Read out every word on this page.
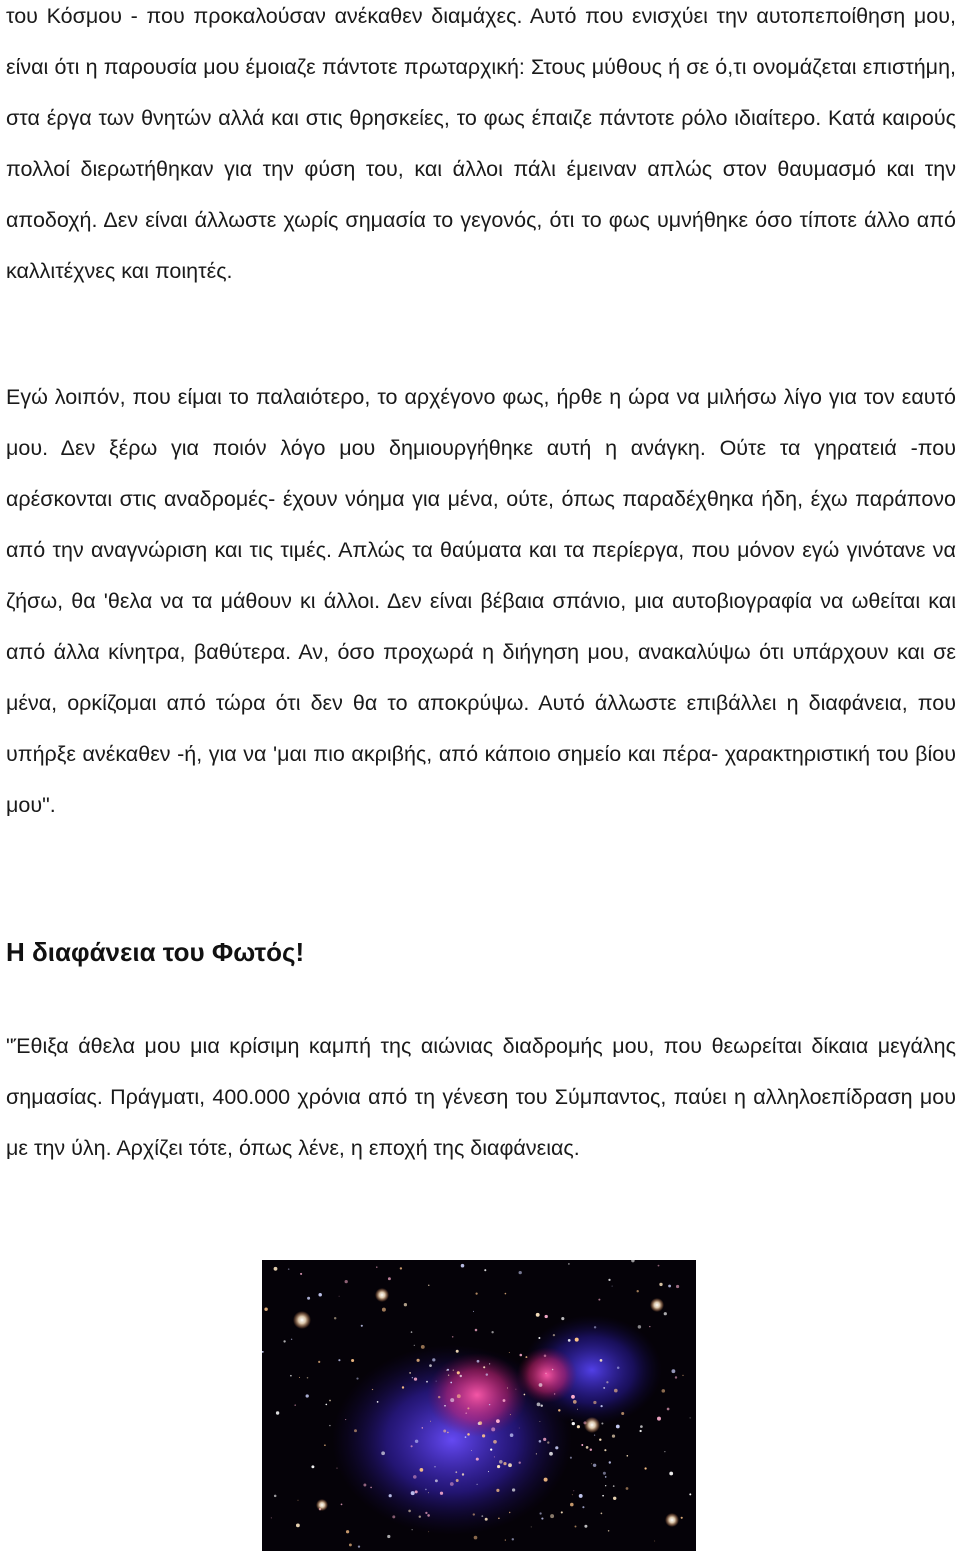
του Κόσμου - που προκαλούσαν ανέκαθεν διαμάχες. Αυτό που ενισχύει την αυτοπεποίθηση μου, είναι ότι η παρουσία μου έμοιαζε πάντοτε πρωταρχική: Στους μύθους ή σε ό,τι ονομάζεται επιστήμη, στα έργα των θνητών αλλά και στις θρησκείες, το φως έπαιζε πάντοτε ρόλο ιδιαίτερο. Κατά καιρούς πολλοί διερωτήθηκαν για την φύση του, και άλλοι πάλι έμειναν απλώς στον θαυμασμό και την αποδοχή. Δεν είναι άλλωστε χωρίς σημασία το γεγονός, ότι το φως υμνήθηκε όσο τίποτε άλλο από καλλιτέχνες και ποιητές.

Εγώ λοιπόν, που είμαι το παλαιότερο, το αρχέγονο φως, ήρθε η ώρα να μιλήσω λίγο για τον εαυτό μου. Δεν ξέρω για ποιόν λόγο μου δημιουργήθηκε αυτή η ανάγκη. Ούτε τα γηρατειά -που αρέσκονται στις αναδρομές- έχουν νόημα για μένα, ούτε, όπως παραδέχθηκα ήδη, έχω παράπονο από την αναγνώριση και τις τιμές. Απλώς τα θαύματα και τα περίεργα, που μόνον εγώ γινότανε να ζήσω, θα 'θελα να τα μάθουν κι άλλοι. Δεν είναι βέβαια σπάνιο, μια αυτοβιογραφία να ωθείται και από άλλα κίνητρα, βαθύτερα. Αν, όσο προχωρά η διήγηση μου, ανακαλύψω ότι υπάρχουν και σε μένα, ορκίζομαι από τώρα ότι δεν θα το αποκρύψω. Αυτό άλλωστε επιβάλλει η διαφάνεια, που υπήρξε ανέκαθεν -ή, για να 'μαι πιο ακριβής, από κάποιο σημείο και πέρα- χαρακτηριστική του βίου μου".

Η διαφάνεια του Φωτός!

"Έθιξα άθελα μου μια κρίσιμη καμπή της αιώνιας διαδρομής μου, που θεωρείται δίκαια μεγάλης σημασίας. Πράγματι, 400.000 χρόνια από τη γένεση του Σύμπαντος, παύει η αλληλοεπίδραση μου με την ύλη. Αρχίζει τότε, όπως λένε, η εποχή της διαφάνειας.
